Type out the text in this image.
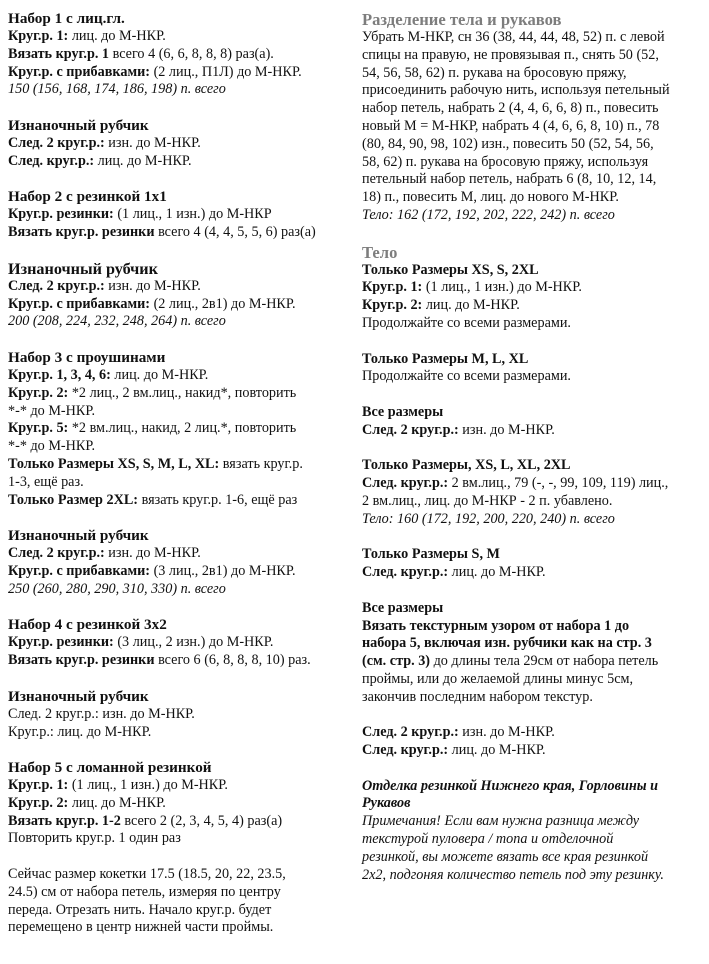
Набор 1 с лиц.гл.

Круг.р. 1: лиц. до М-НКР.

Вязать круг.р. 1 всего 4 (6, 6, 8, 8, 8) раз(а).

Круг.р. с прибавками: (2 лиц., П1Л) до М-НКР.

150 (156, 168, 174, 186, 198) п. всего

Изнаночный рубчик

След. 2 круг.р.: изн. до М-НКР.

След. круг.р.: лиц. до М-НКР.

Набор 2 с резинкой 1x1

Круг.р. резинки: (1 лиц., 1 изн.) до М-НКР

Вязать круг.р. резинки всего 4 (4, 4, 5, 5, 6) раз(а)

Изнаночный рубчик

След. 2 круг.р.: изн. до М-НКР.

Круг.р. с прибавками: (2 лиц., 2в1) до М-НКР.

200 (208, 224, 232, 248, 264) п. всего

Набор 3 с проушинами

Круг.р. 1, 3, 4, 6: лиц. до М-НКР.

Круг.р. 2: *2 лиц., 2 вм.лиц., накид*, повторить

*-* до М-НКР.

Круг.р. 5: *2 вм.лиц., накид, 2 лиц.*, повторить

*-* до М-НКР.

Только Размеры XS, S, M, L, XL: вязать круг.р.

1-3, ещё раз.

Только Размер 2XL: вязать круг.р. 1-6, ещё раз

Изнаночный рубчик

След. 2 круг.р.: изн. до М-НКР.

Круг.р. с прибавками: (3 лиц., 2в1) до М-НКР.

250 (260, 280, 290, 310, 330) п. всего

Набор 4 с резинкой 3x2

Круг.р. резинки: (3 лиц., 2 изн.) до М-НКР.

Вязать круг.р. резинки всего 6 (6, 8, 8, 8, 10) раз.

Изнаночный рубчик

След. 2 круг.р.: изн. до М-НКР.

Круг.р.: лиц. до М-НКР.

Набор 5 с ломанной резинкой

Круг.р. 1: (1 лиц., 1 изн.) до М-НКР.

Круг.р. 2: лиц. до М-НКР.

Вязать круг.р. 1-2 всего 2 (2, 3, 4, 5, 4) раз(а)

Повторить круг.р. 1 один раз

Сейчас размер кокетки 17.5 (18.5, 20, 22, 23.5,

24.5) см от набора петель, измеряя по центру

переда. Отрезать нить. Начало круг.р. будет

перемещено в центр нижней части проймы.

Разделение тела и рукавов

Убрать М-НКР, сн 36 (38, 44, 44, 48, 52) п. с левой

спицы на правую, не провязывая п., снять 50 (52,

54, 56, 58, 62) п. рукава на бросовую пряжу,

присоединить рабочую нить, используя петельный

набор петель, набрать 2 (4, 4, 6, 6, 8) п., повесить

новый М = М-НКР, набрать 4 (4, 6, 6, 8, 10) п., 78

(80, 84, 90, 98, 102) изн., повесить 50 (52, 54, 56,

58, 62) п. рукава на бросовую пряжу, используя

петельный набор петель, набрать 6 (8, 10, 12, 14,

18) п., повесить М, лиц. до нового М-НКР.

Тело: 162 (172, 192, 202, 222, 242) п. всего

Тело

Только Размеры XS, S, 2XL

Круг.р. 1: (1 лиц., 1 изн.) до М-НКР.

Круг.р. 2: лиц. до М-НКР.

Продолжайте со всеми размерами.

Только Размеры M, L, XL

Продолжайте со всеми размерами.

Все размеры

След. 2 круг.р.: изн. до М-НКР.

Только Размеры, XS, L, XL, 2XL

След. круг.р.: 2 вм.лиц., 79 (-, -, 99, 109, 119) лиц.,

2 вм.лиц., лиц. до М-НКР - 2 п. убавлено.

Тело: 160 (172, 192, 200, 220, 240) п. всего

Только Размеры S, M

След. круг.р.: лиц. до М-НКР.

Все размеры

Вязать текстурным узором от набора 1 до

набора 5, включая изн. рубчики как на стр. 3

(см. стр. 3) до длины тела 29см от набора петель

проймы, или до желаемой длины минус 5см,

закончив последним набором текстур.

След. 2 круг.р.: изн. до М-НКР.

След. круг.р.: лиц. до М-НКР.

Отделка резинкой Нижнего края, Горловины и

Рукавов

Примечания! Если вам нужна разница между

текстурой пуловера / топа и отделочной

резинкой, вы можете вязать все края резинкой

2x2, подгоняя количество петель под эту резинку.
